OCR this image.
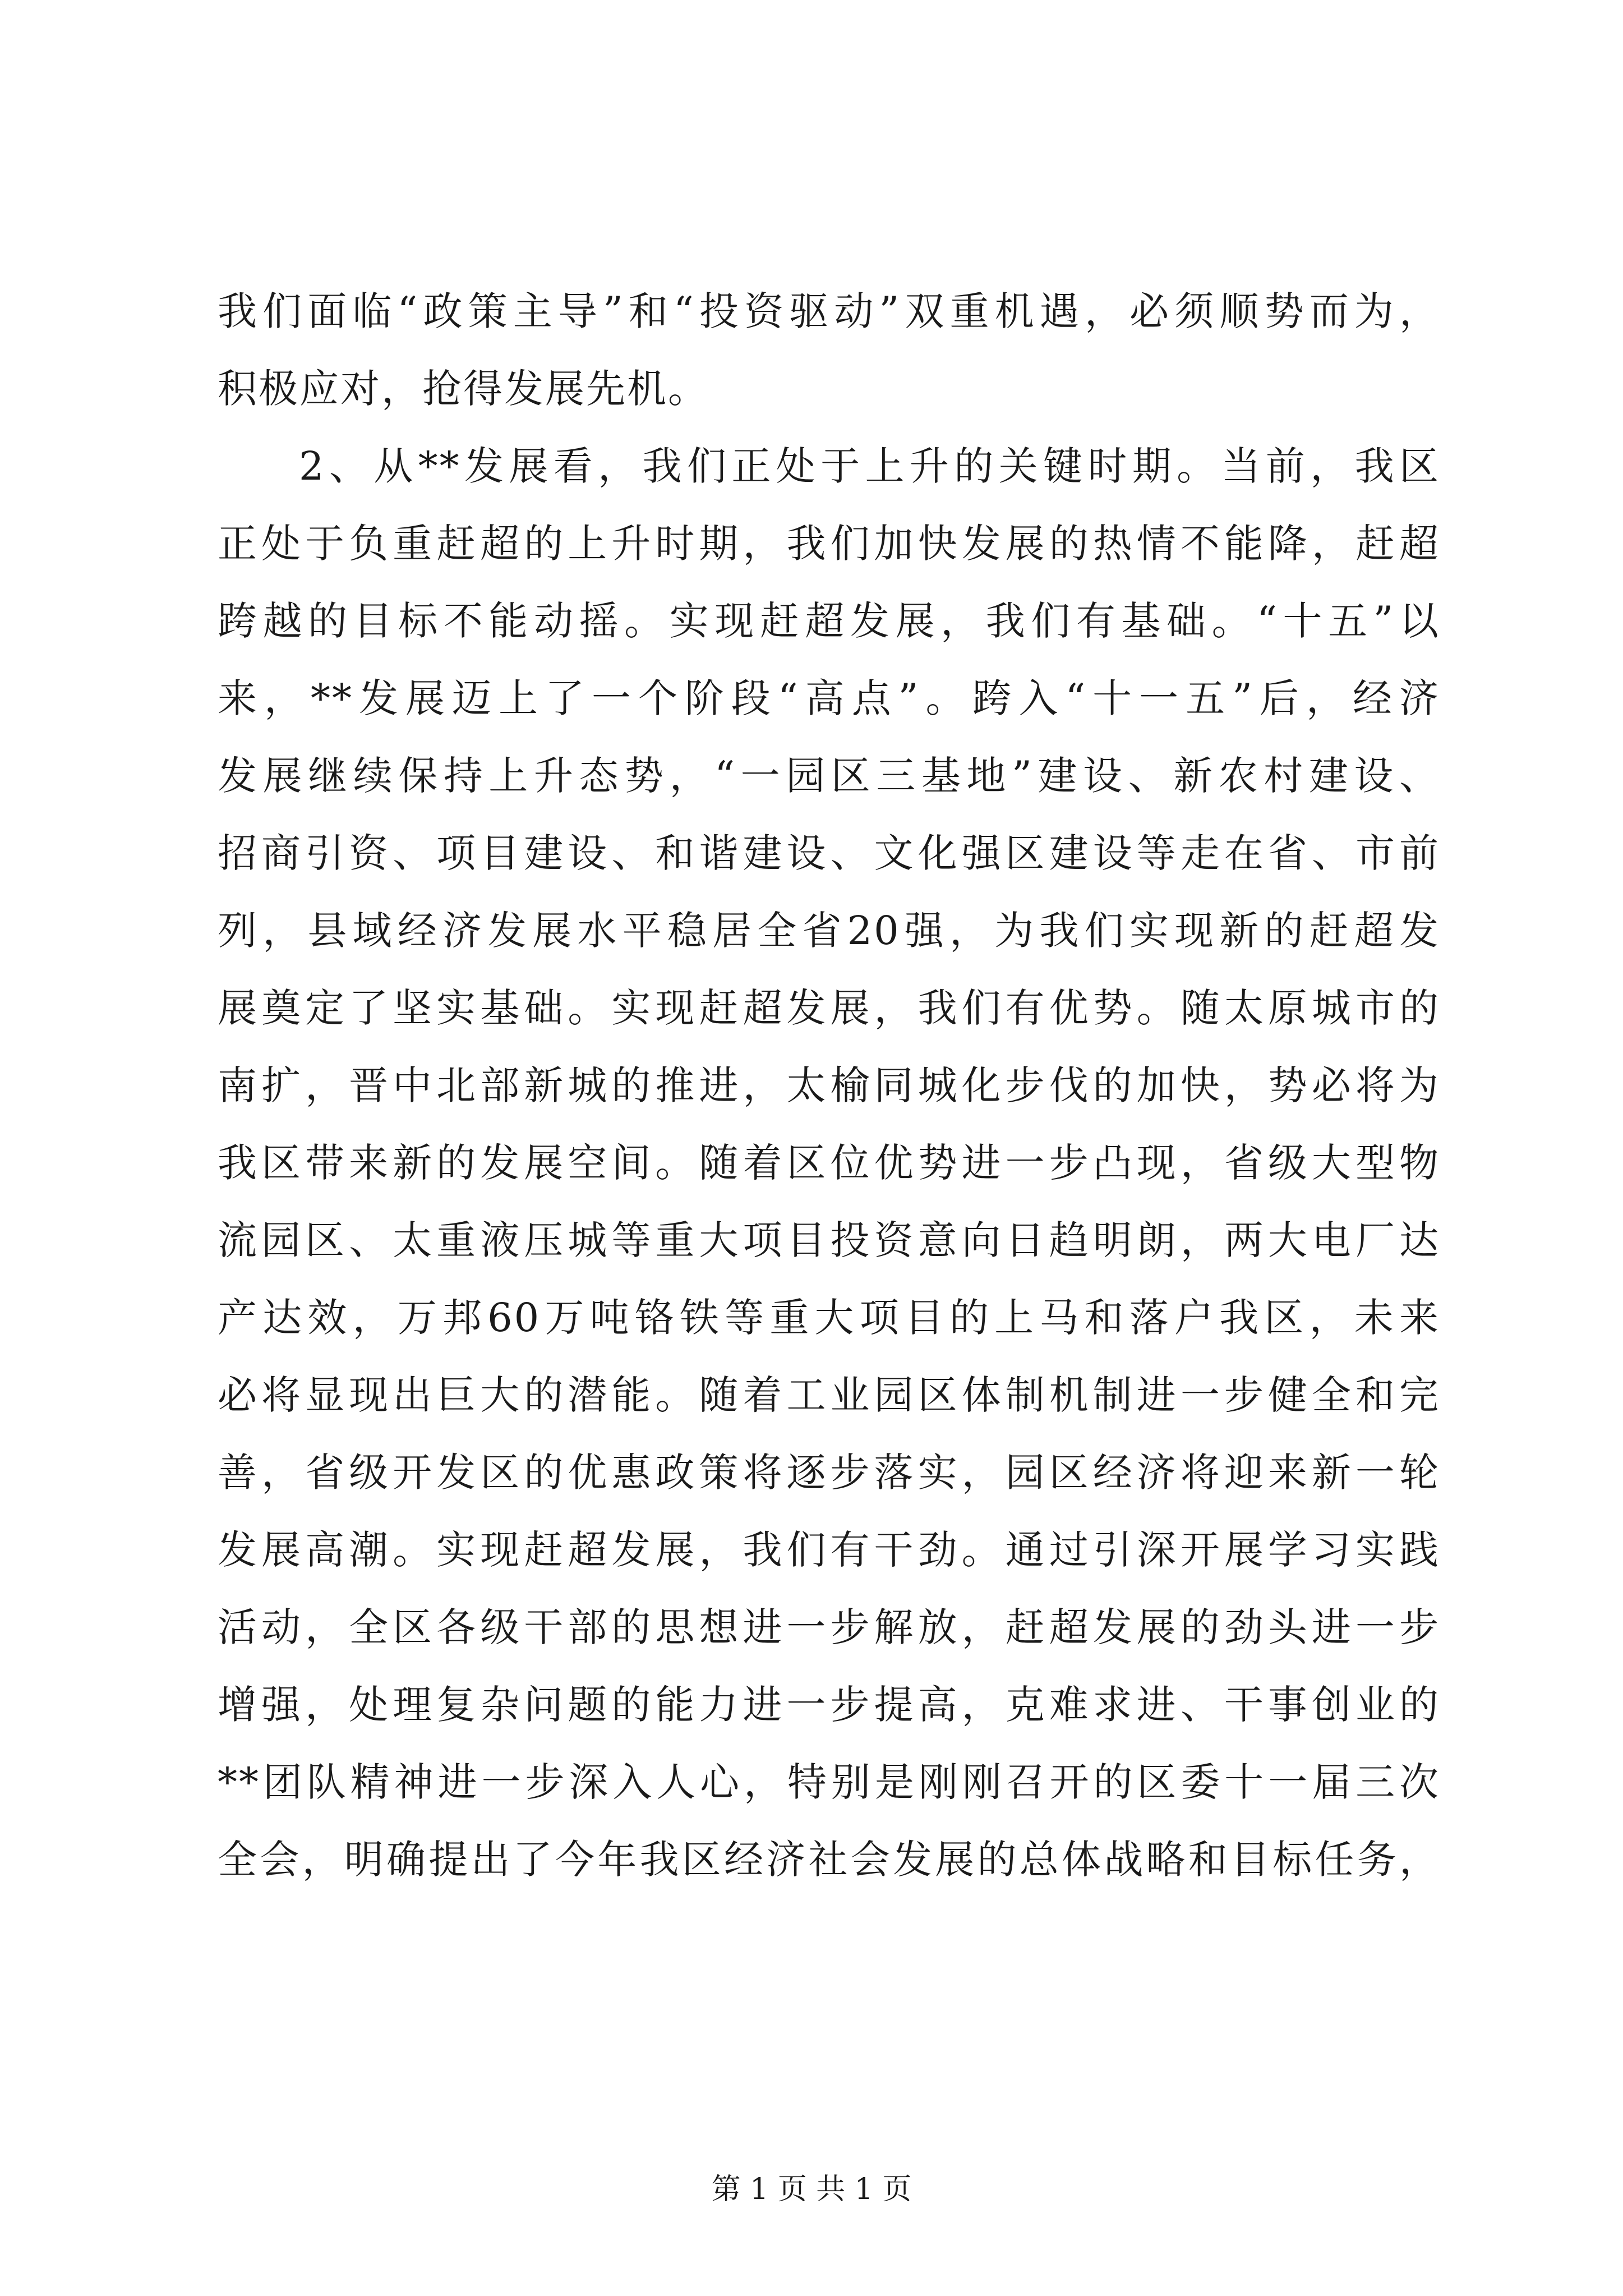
我们面临“政策主导”和“投资驱动”双重机遇，必须顺势而为，
积极应对，抢得发展先机。
2、从**发展看，我们正处于上升的关键时期。当前，我区
正处于负重赶超的上升时期，我们加快发展的热情不能降，赶超
跨越的目标不能动摇。实现赶超发展，我们有基础。“十五”以
来，**发展迈上了一个阶段“高点”。跨入“十一五”后，经济
发展继续保持上升态势，“一园区三基地”建设、新农村建设、
招商引资、项目建设、和谐建设、文化强区建设等走在省、市前
列，县域经济发展水平稳居全省20强，为我们实现新的赶超发
展奠定了坚实基础。实现赶超发展，我们有优势。随太原城市的
南扩，晋中北部新城的推进，太榆同城化步伐的加快，势必将为
我区带来新的发展空间。随着区位优势进一步凸现，省级大型物
流园区、太重液压城等重大项目投资意向日趋明朗，两大电厂达
产达效，万邦60万吨铬铁等重大项目的上马和落户我区，未来
必将显现出巨大的潜能。随着工业园区体制机制进一步健全和完
善，省级开发区的优惠政策将逐步落实，园区经济将迎来新一轮
发展高潮。实现赶超发展，我们有干劲。通过引深开展学习实践
活动，全区各级干部的思想进一步解放，赶超发展的劲头进一步
增强，处理复杂问题的能力进一步提高，克难求进、干事创业的
**团队精神进一步深入人心，特别是刚刚召开的区委十一届三次
全会，明确提出了今年我区经济社会发展的总体战略和目标任务，
第 1 页 共 1 页
